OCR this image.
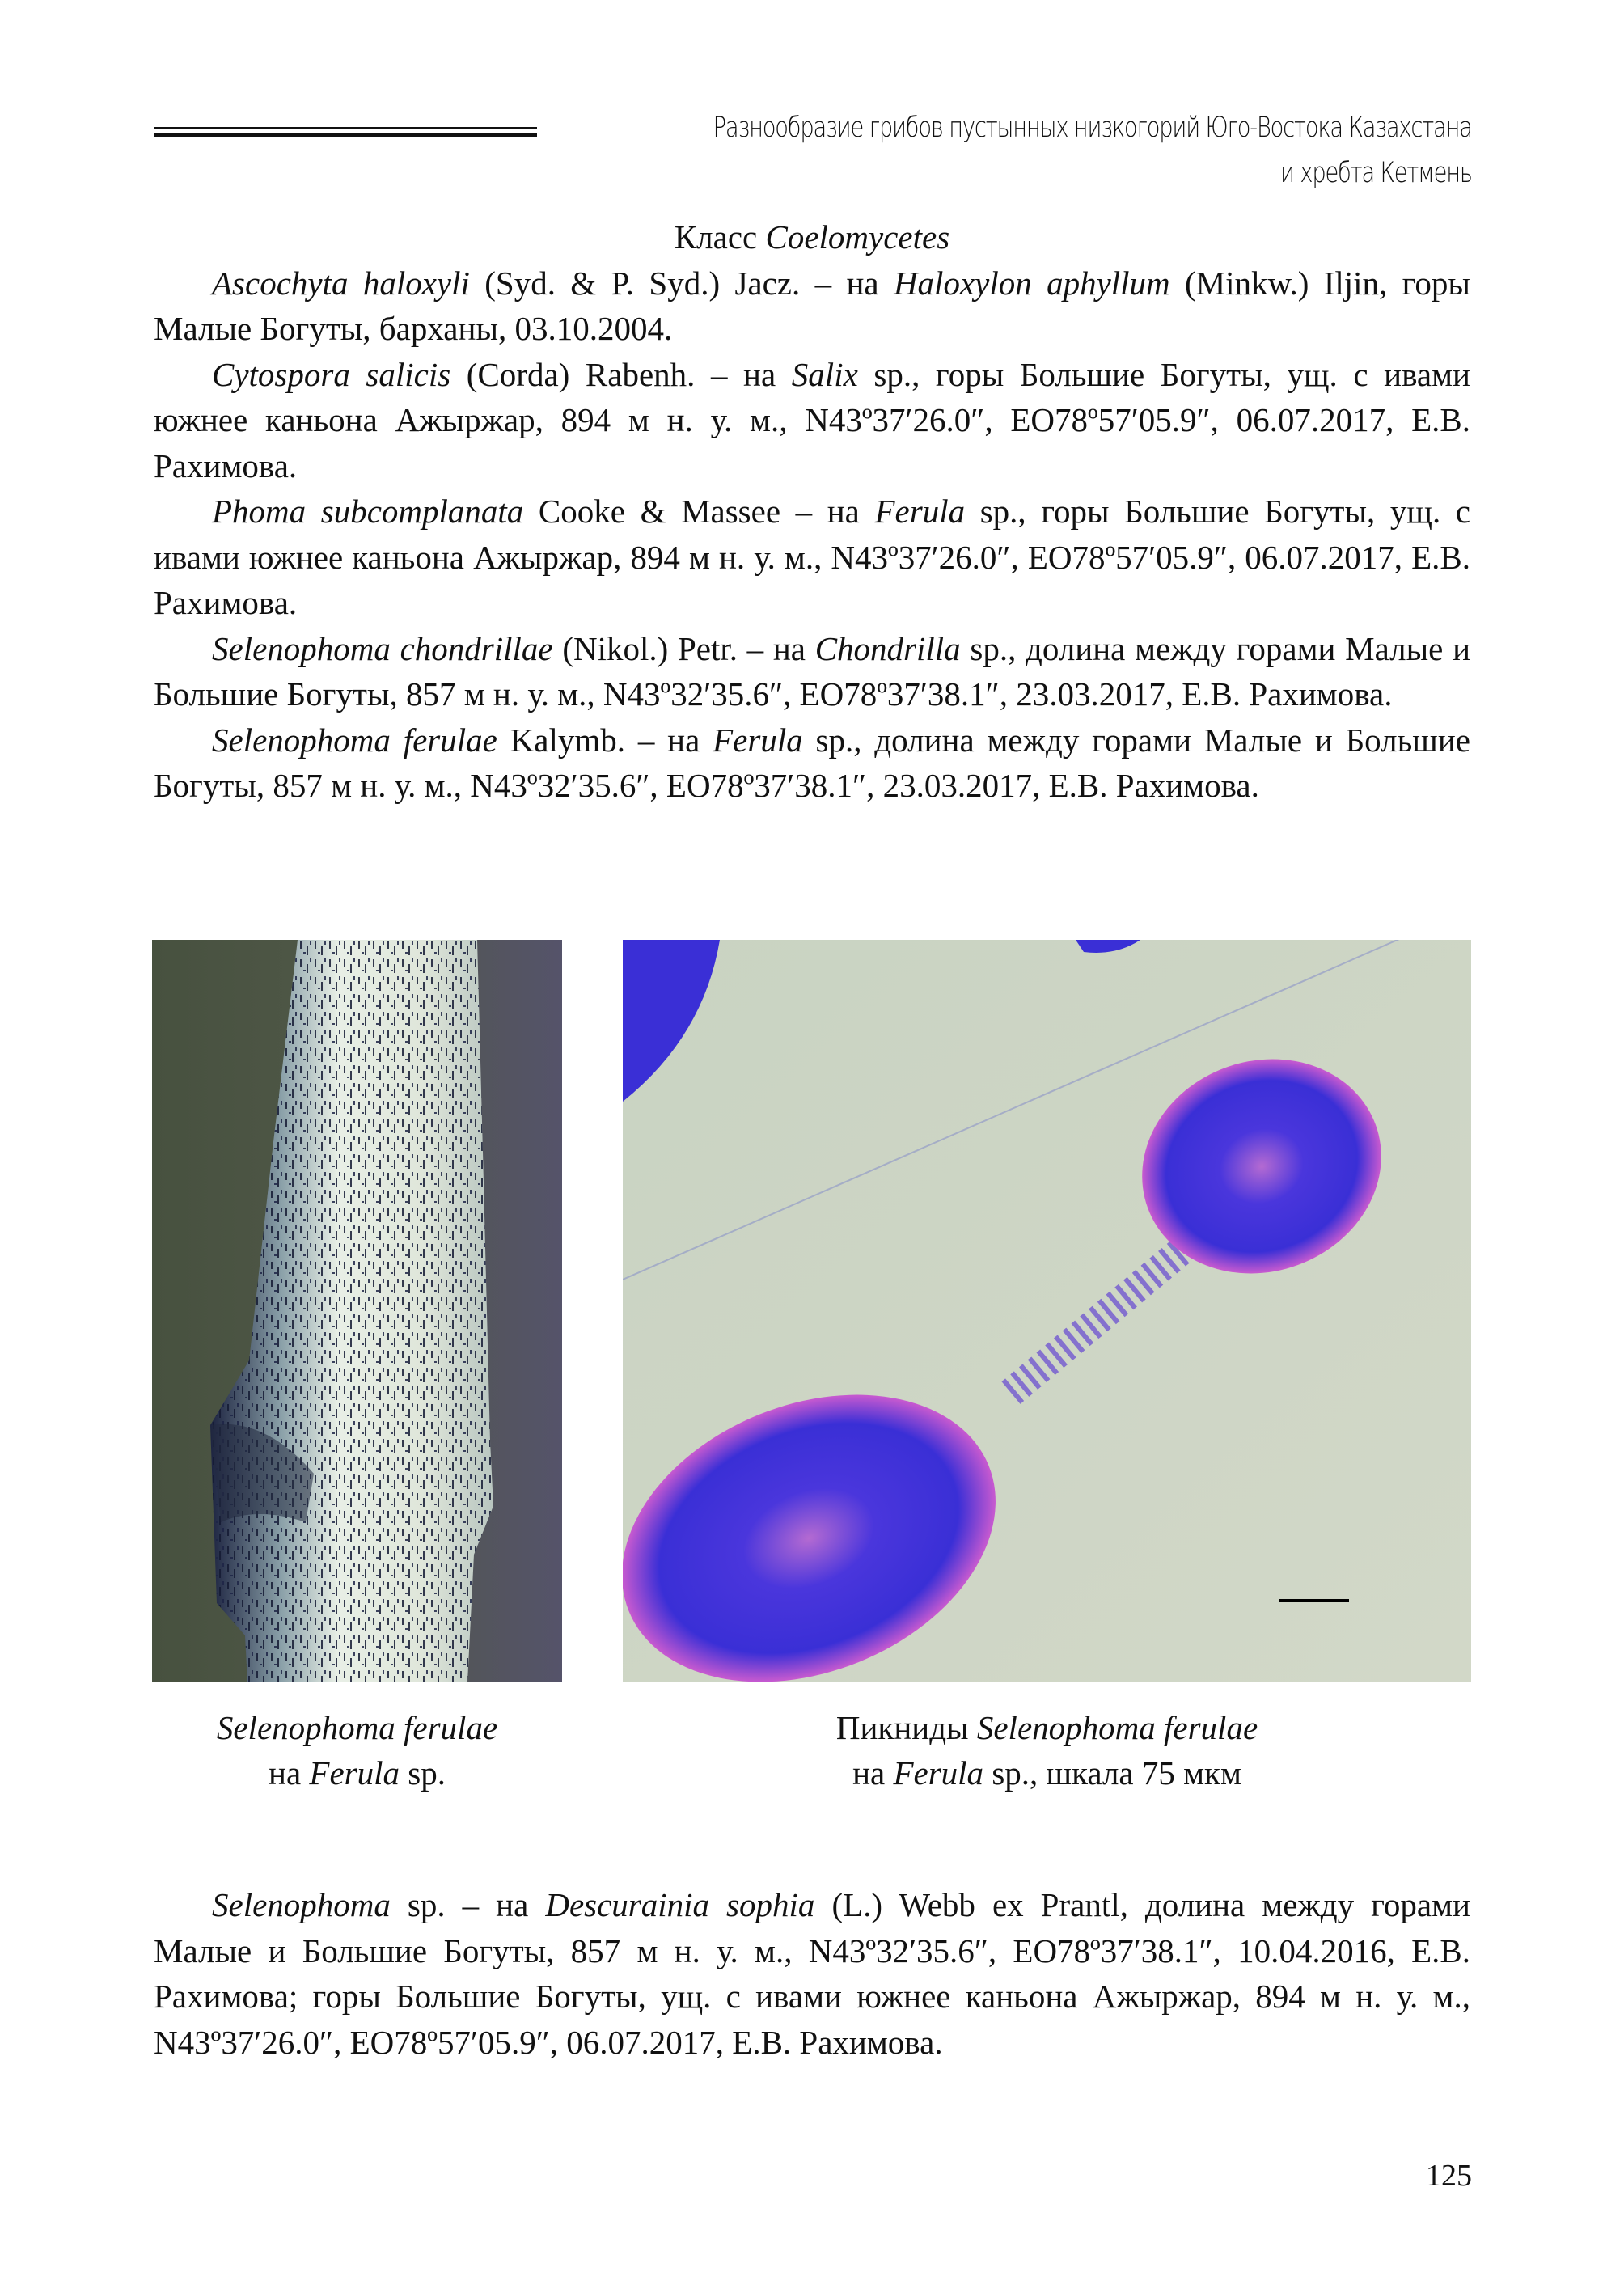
Разнообразие грибов пустынных низкогорий Юго-Востока Казахстана
и хребта Кетмень

Класс Coelomycetes

Ascochyta haloxyli (Syd. & P. Syd.) Jacz. – на Haloxylon aphyllum (Minkw.) Iljin, горы Малые Богуты, барханы, 03.10.2004.

Cytospora salicis (Corda) Rabenh. – на Salix sp., горы Большие Богуты, ущ. с ивами южнее каньона Ажыржар, 894 м н. у. м., N43º37′26.0″, EO78º57′05.9″, 06.07.2017, Е.В. Рахимова.

Phoma subcomplanata Cooke & Massee – на Ferula sp., горы Большие Богуты, ущ. с ивами южнее каньона Ажыржар, 894 м н. у. м., N43º37′26.0″, EO78º57′05.9″, 06.07.2017, Е.В. Рахимова.

Selenophoma chondrillae (Nikol.) Petr. – на Chondrilla sp., долина между горами Малые и Большие Богуты, 857 м н. у. м., N43º32′35.6″, EO78º37′38.1″, 23.03.2017, Е.В. Рахимова.

Selenophoma ferulae Kalymb. – на Ferula sp., долина между горами Малые и Большие Богуты, 857 м н. у. м., N43º32′35.6″, EO78º37′38.1″, 23.03.2017, Е.В. Рахимова.

Selenophoma ferulae
на Ferula sp.
Пикниды Selenophoma ferulae
на Ferula sp., шкала 75 мкм

Selenophoma sp. – на Descurainia sophia (L.) Webb ex Prantl, долина между горами Малые и Большие Богуты, 857 м н. у. м., N43º32′35.6″, EO78º37′38.1″, 10.04.2016, Е.В. Рахимова; горы Большие Богуты, ущ. с ивами южнее каньона Ажыржар, 894 м н. у. м., N43º37′26.0″, EO78º57′05.9″, 06.07.2017, Е.В. Рахимова.

125
